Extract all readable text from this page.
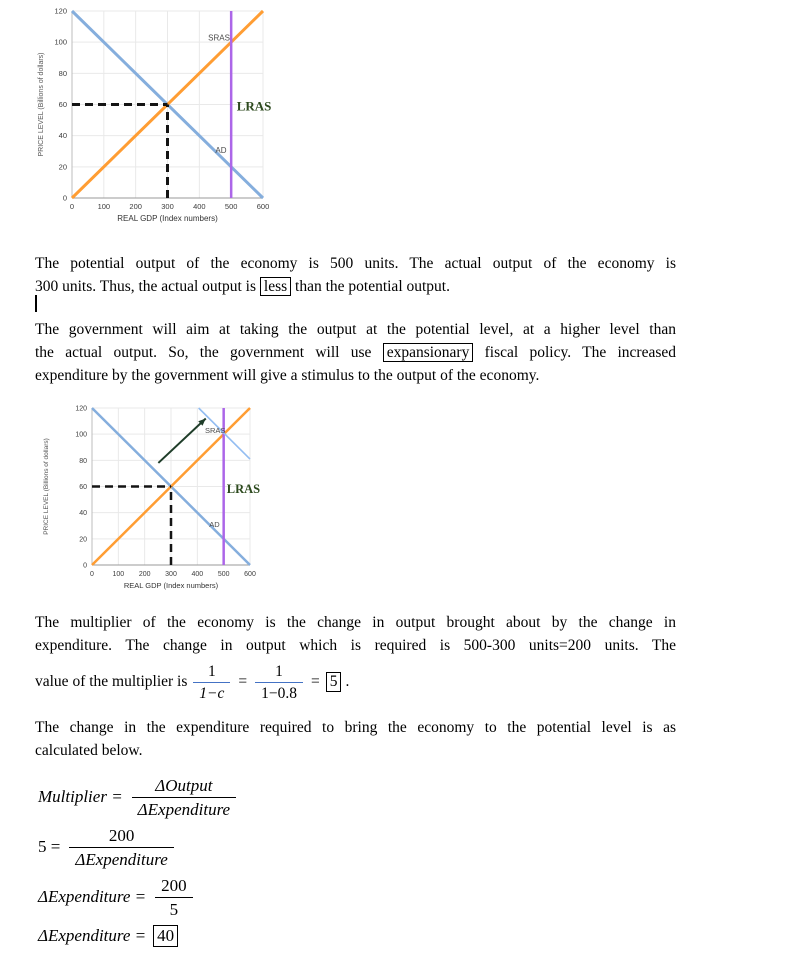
0	100	200	300	400	500	600
0
20
40
60
80
100
120
REAL GDP (Index numbers)
PRICE LEVEL (Billions of dollars)
SRAS
AD
LRAS
The potential output of the economy is 500 units. The actual output of the economy is
300 units. Thus, the actual output is less than the potential output.
The government will aim at taking the output at the potential level, at a higher level than
the actual output. So, the government will use expansionary fiscal policy. The increased
expenditure by the government will give a stimulus to the output of the economy.
0	100 200 300 400 500 600
0
20
40
60
80
100
120
REAL GDP (Index numbers)
PRICE LEVEL (Billions of dollars)
SRAS
AD
LRAS
The multiplier of the economy is the change in output brought about by the change in
expenditure. The change in output which is required is 500-300 units=200 units. The
value of the multiplier is $\frac{1}{1-c} = \frac{1}{1-0.8} = 5$ .
The change in the expenditure required to bring the economy to the potential level is as
calculated below.
Multiplier = $\frac{\text{ΔOutput}}{\text{ΔExpenditure}}$
$5 = \frac{200}{\text{ΔExpenditure}}$
ΔExpenditure = $\frac{200}{5}$
ΔExpenditure = 40
